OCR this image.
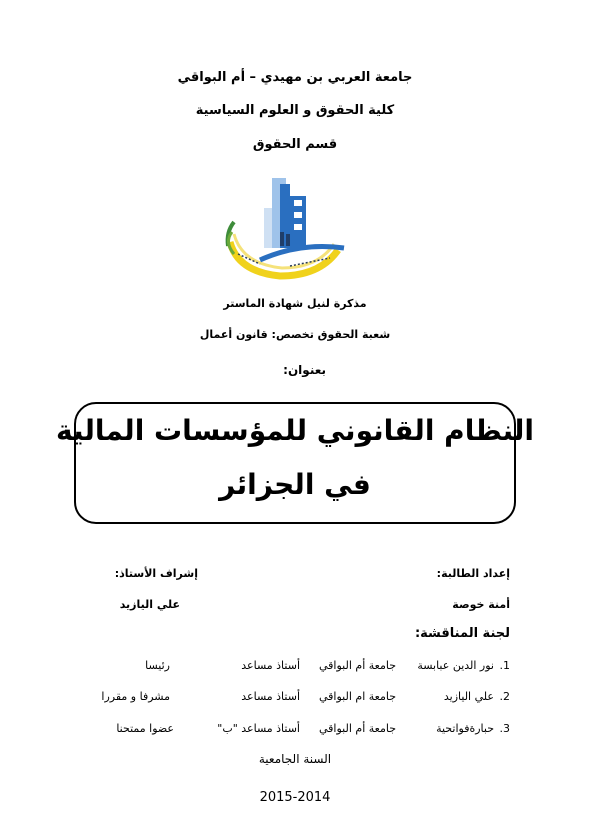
جامعة العربي بن مهيدي – أم البواقي
كلية الحقوق و العلوم السياسية
قسم الحقوق
مذكرة لنيل شهادة الماستر
شعبة الحقوق تخصص: قانون أعمال
بعنوان:
النظام القانوني للمؤسسات المالية
في الجزائر
إعداد الطالبة:
إشراف الأستاذ:
أمنة خوصة
علي اليازيد
لجنة المناقشة:
1.
نور الدين عبابسة
جامعة أم البواقي
أستاذ مساعد
رئيسا
2.
علي اليازيد
جامعة ام البواقي
أستاذ مساعد
مشرفا و مقررا
3.
حبارةفواتحية
جامعة أم البواقي
أستاذ مساعد "ب"
عضوا ممتحنا
السنة الجامعية
2015-2014
